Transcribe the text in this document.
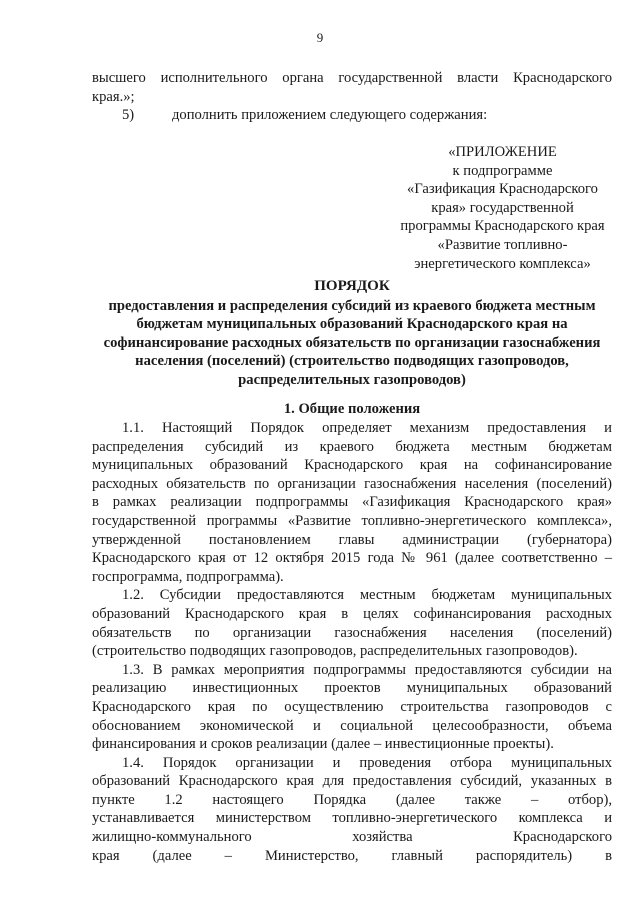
9
высшего исполнительного органа государственной власти Краснодарского
края.»;
5)	дополнить приложением следующего содержания:
«ПРИЛОЖЕНИЕ
к подпрограмме
«Газификация Краснодарского
края» государственной
программы Краснодарского края
«Развитие топливно-
энергетического комплекса»
ПОРЯДОК
предоставления и распределения субсидий из краевого бюджета местным
бюджетам муниципальных образований Краснодарского края на
софинансирование расходных обязательств по организации газоснабжения
населения (поселений) (строительство подводящих газопроводов,
распределительных газопроводов)
1. Общие положения
1.1. Настоящий Порядок определяет механизм предоставления и
распределения субсидий из краевого бюджета местным бюджетам
муниципальных образований Краснодарского края на софинансирование
расходных обязательств по организации газоснабжения населения (поселений)
в рамках реализации подпрограммы «Газификация Краснодарского края»
государственной программы «Развитие топливно-энергетического комплекса»,
утвержденной постановлением главы администрации (губернатора)
Краснодарского края от 12 октября 2015 года № 961 (далее соответственно –
госпрограмма, подпрограмма).
1.2. Субсидии предоставляются местным бюджетам муниципальных
образований Краснодарского края в целях софинансирования расходных
обязательств по организации газоснабжения населения (поселений)
(строительство подводящих газопроводов, распределительных газопроводов).
1.3. В рамках мероприятия подпрограммы предоставляются субсидии на
реализацию инвестиционных проектов муниципальных образований
Краснодарского края по осуществлению строительства газопроводов с
обоснованием экономической и социальной целесообразности, объема
финансирования и сроков реализации (далее – инвестиционные проекты).
1.4. Порядок организации и проведения отбора муниципальных
образований Краснодарского края для предоставления субсидий, указанных в
пункте 1.2 настоящего Порядка (далее также – отбор),
устанавливается министерством топливно-энергетического комплекса и
жилищно-коммунального хозяйства Краснодарского
края (далее – Министерство, главный распорядитель) в
